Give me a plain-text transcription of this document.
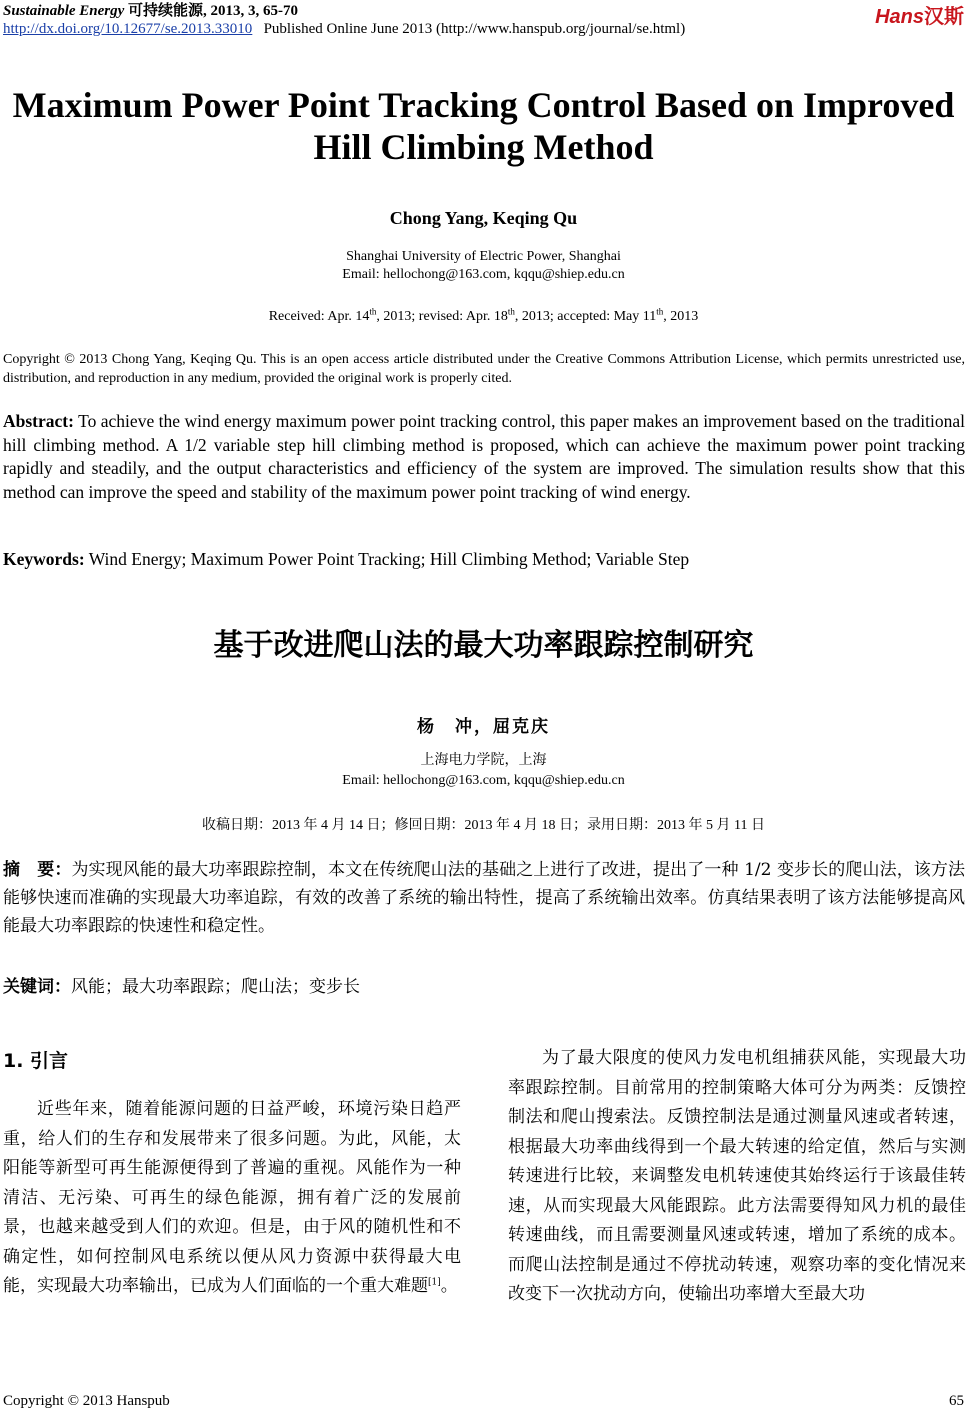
Sustainable Energy 可持续能源, 2013, 3, 65-70
http://dx.doi.org/10.12677/se.2013.33010 Published Online June 2013 (http://www.hanspub.org/journal/se.html)
Hans汉斯
Maximum Power Point Tracking Control Based on Improved Hill Climbing Method
Chong Yang, Keqing Qu
Shanghai University of Electric Power, Shanghai
Email: hellochong@163.com, kqqu@shiep.edu.cn
Received: Apr. 14th, 2013; revised: Apr. 18th, 2013; accepted: May 11th, 2013
Copyright © 2013 Chong Yang, Keqing Qu. This is an open access article distributed under the Creative Commons Attribution License, which permits unrestricted use, distribution, and reproduction in any medium, provided the original work is properly cited.
Abstract: To achieve the wind energy maximum power point tracking control, this paper makes an improvement based on the traditional hill climbing method. A 1/2 variable step hill climbing method is proposed, which can achieve the maximum power point tracking rapidly and steadily, and the output characteristics and efficiency of the system are improved. The simulation results show that this method can improve the speed and stability of the maximum power point tracking of wind energy.
Keywords: Wind Energy; Maximum Power Point Tracking; Hill Climbing Method; Variable Step
基于改进爬山法的最大功率跟踪控制研究
杨　冲，屈克庆
上海电力学院，上海
Email: hellochong@163.com, kqqu@shiep.edu.cn
收稿日期：2013 年 4 月 14 日；修回日期：2013 年 4 月 18 日；录用日期：2013 年 5 月 11 日
摘　要：为实现风能的最大功率跟踪控制，本文在传统爬山法的基础之上进行了改进，提出了一种 1/2 变步长的爬山法，该方法能够快速而准确的实现最大功率追踪，有效的改善了系统的输出特性，提高了系统输出效率。仿真结果表明了该方法能够提高风能最大功率跟踪的快速性和稳定性。
关键词：风能；最大功率跟踪；爬山法；变步长
1. 引言
近些年来，随着能源问题的日益严峻，环境污染日趋严重，给人们的生存和发展带来了很多问题。为此，风能，太阳能等新型可再生能源便得到了普遍的重视。风能作为一种清洁、无污染、可再生的绿色能源，拥有着广泛的发展前景，也越来越受到人们的欢迎。但是，由于风的随机性和不确定性，如何控制风电系统以便从风力资源中获得最大电能，实现最大功率输出，已成为人们面临的一个重大难题[1]。
为了最大限度的使风力发电机组捕获风能，实现最大功率跟踪控制。目前常用的控制策略大体可分为两类：反馈控制法和爬山搜索法。反馈控制法是通过测量风速或者转速，根据最大功率曲线得到一个最大转速的给定值，然后与实测转速进行比较，来调整发电机转速使其始终运行于该最佳转速，从而实现最大风能跟踪。此方法需要得知风力机的最佳转速曲线，而且需要测量风速或转速，增加了系统的成本。而爬山法控制是通过不停扰动转速，观察功率的变化情况来改变下一次扰动方向，使输出功率增大至最大功
Copyright © 2013 Hanspub	65
